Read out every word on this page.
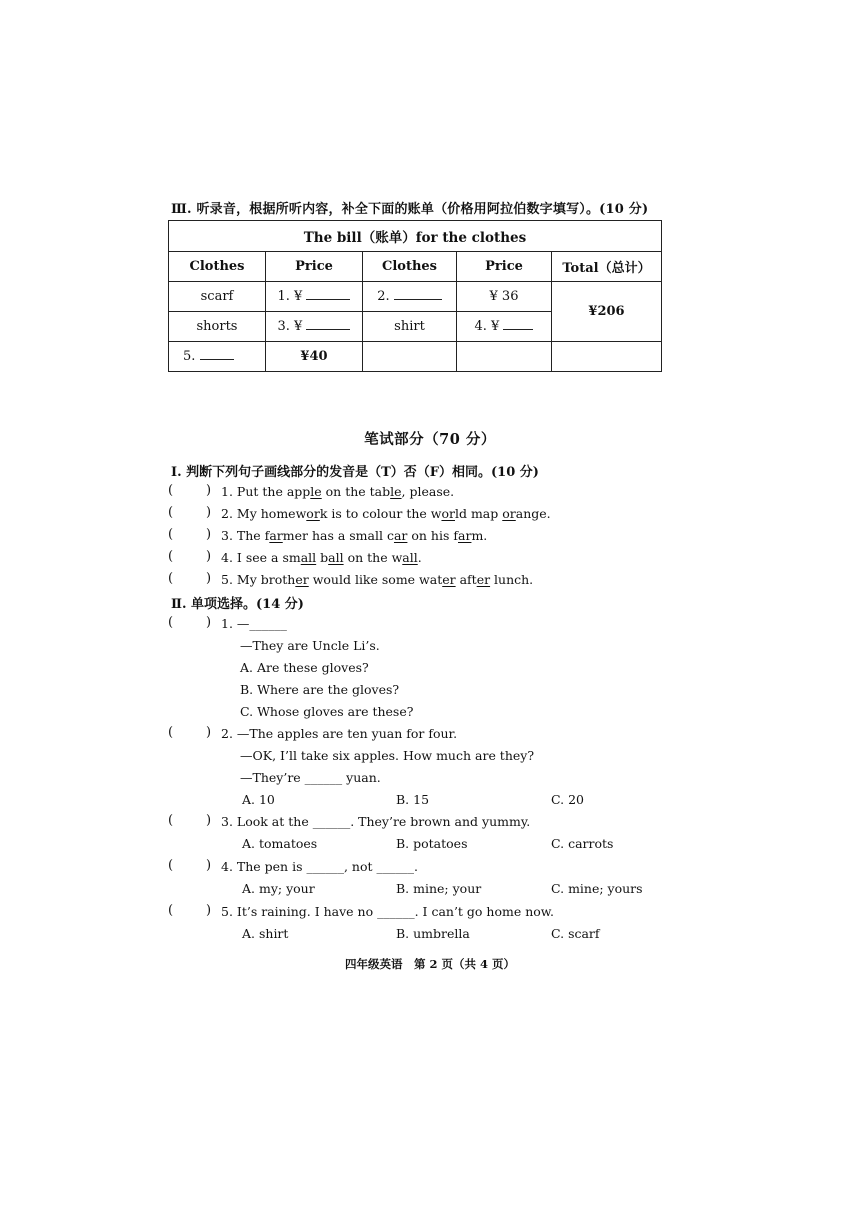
Ⅲ. 听录音，根据所听内容，补全下面的账单（价格用阿拉伯数字填写）。(10 分)
The bill（账单）for the clothes				
Clothes	Price	Clothes	Price	Total（总计）
scarf	1. ¥	2.	¥ 36	¥206
shorts	3. ¥	shirt	4. ¥	
5.	¥40			
笔试部分（70 分）
Ⅰ. 判断下列句子画线部分的发音是（T）否（F）相同。(10 分)
(	) 1. Put the apple on the table, please.
(	) 2. My homework is to colour the world map orange.
(	) 3. The farmer has a small car on his farm.
(	) 4. I see a small ball on the wall.
(	) 5. My brother would like some water after lunch.
Ⅱ. 单项选择。(14 分)
(	) 1. —______
—They are Uncle Li’s.
A. Are these gloves?
B. Where are the gloves?
C. Whose gloves are these?
(	) 2. —The apples are ten yuan for four.
—OK, I’ll take six apples. How much are they?
—They’re ______ yuan.
A. 10	B. 15	C. 20
(	) 3. Look at the ______. They’re brown and yummy.
A. tomatoes	B. potatoes	C. carrots
(	) 4. The pen is ______, not ______.
A. my; your	B. mine; your	C. mine; yours
(	) 5. It’s raining. I have no ______. I can’t go home now.
A. shirt	B. umbrella	C. scarf
四年级英语　第 2 页（共 4 页）
